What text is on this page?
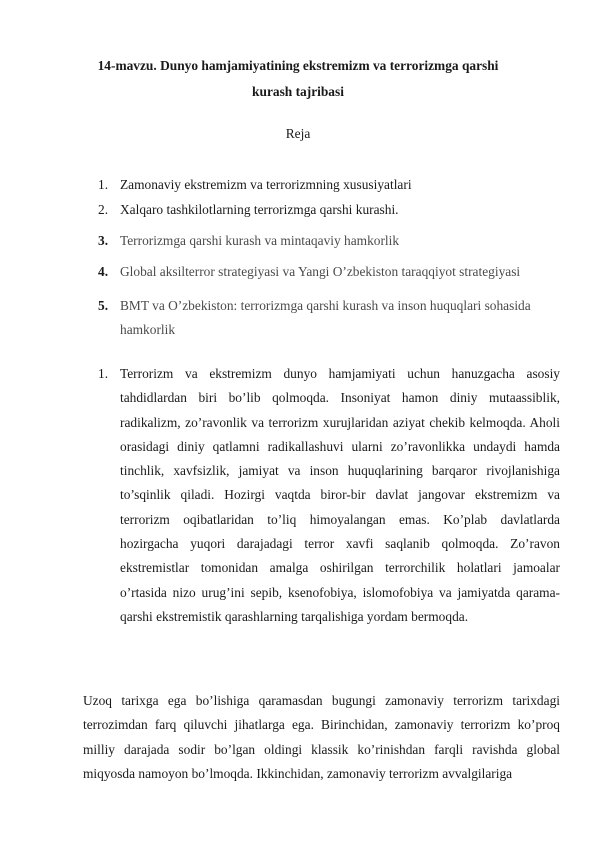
14-mavzu. Dunyo hamjamiyatining ekstremizm va terrorizmga qarshi kurash tajribasi
Reja
1. Zamonaviy ekstremizm va terrorizmning xususiyatlari
2. Xalqaro tashkilotlarning terrorizmga qarshi kurashi.
3. Terrorizmga qarshi kurash va mintaqaviy hamkorlik
4. Global aksilterror strategiyasi va Yangi O’zbekiston taraqqiyot strategiyasi
5. BMT va O’zbekiston: terrorizmga qarshi kurash va inson huquqlari sohasida hamkorlik
1. Terrorizm va ekstremizm dunyo hamjamiyati uchun hanuzgacha asosiy tahdidlardan biri bo’lib qolmoqda. Insoniyat hamon diniy mutaassiblik, radikalizm, zo’ravonlik va terrorizm xurujlaridan aziyat chekib kelmoqda. Aholi orasidagi diniy qatlamni radikallashuvi ularni zo’ravonlikka undaydi hamda tinchlik, xavfsizlik, jamiyat va inson huquqlarining barqaror rivojlanishiga to’sqinlik qiladi. Hozirgi vaqtda biror-bir davlat jangovar ekstremizm va terrorizm oqibatlaridan to’liq himoyalangan emas. Ko’plab davlatlarda hozirgacha yuqori darajadagi terror xavfi saqlanib qolmoqda. Zo’ravon ekstremistlar tomonidan amalga oshirilgan terrorchilik holatlari jamoalar o’rtasida nizo urug’ini sepib, ksenofobiya, islomofobiya va jamiyatda qarama-qarshi ekstremistik qarashlarning tarqalishiga yordam bermoqda.

Uzoq tarixga ega bo’lishiga qaramasdan bugungi zamonaviy terrorizm tarixdagi terrozimdan farq qiluvchi jihatlarga ega. Birinchidan, zamonaviy terrorizm ko’proq milliy darajada sodir bo’lgan oldingi klassik ko’rinishdan farqli ravishda global miqyosda namoyon bo’lmoqda. Ikkinchidan, zamonaviy terrorizm avvalgilariga
